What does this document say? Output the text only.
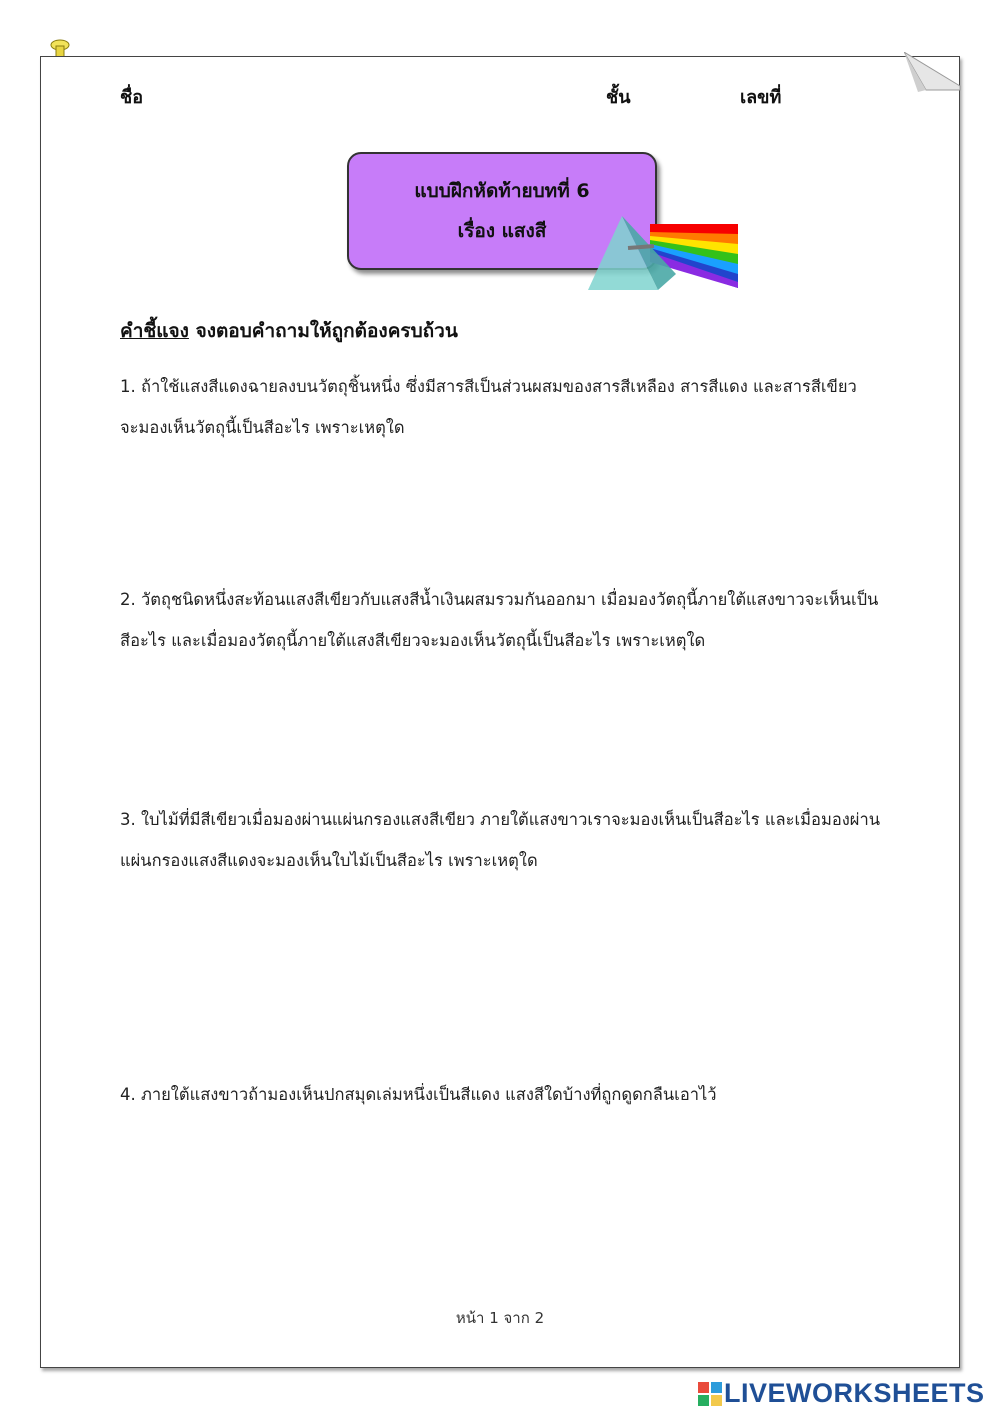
ชื่อ	ชั้น	เลขที่
แบบฝึกหัดท้ายบทที่ 6
เรื่อง แสงสี
คำชี้แจง จงตอบคำถามให้ถูกต้องครบถ้วน
1. ถ้าใช้แสงสีแดงฉายลงบนวัตถุชิ้นหนึ่ง ซึ่งมีสารสีเป็นส่วนผสมของสารสีเหลือง สารสีแดง และสารสีเขียว
จะมองเห็นวัตถุนี้เป็นสีอะไร เพราะเหตุใด
2. วัตถุชนิดหนึ่งสะท้อนแสงสีเขียวกับแสงสีน้ำเงินผสมรวมกันออกมา เมื่อมองวัตถุนี้ภายใต้แสงขาวจะเห็นเป็น
สีอะไร และเมื่อมองวัตถุนี้ภายใต้แสงสีเขียวจะมองเห็นวัตถุนี้เป็นสีอะไร เพราะเหตุใด
3. ใบไม้ที่มีสีเขียวเมื่อมองผ่านแผ่นกรองแสงสีเขียว ภายใต้แสงขาวเราจะมองเห็นเป็นสีอะไร และเมื่อมองผ่าน
แผ่นกรองแสงสีแดงจะมองเห็นใบไม้เป็นสีอะไร เพราะเหตุใด
4. ภายใต้แสงขาวถ้ามองเห็นปกสมุดเล่มหนึ่งเป็นสีแดง แสงสีใดบ้างที่ถูกดูดกลืนเอาไว้
หน้า 1 จาก 2
LIVEWORKSHEETS
